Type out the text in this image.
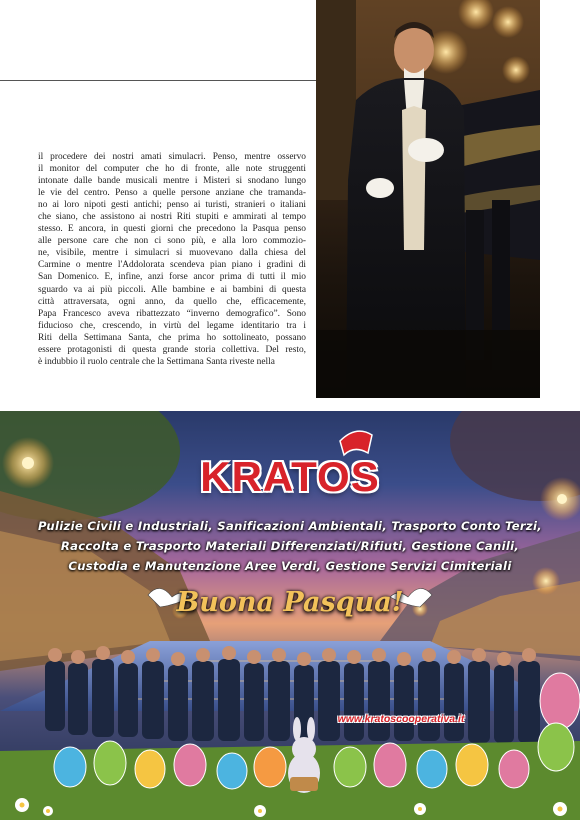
il procedere dei nostri amati simulacri. Penso, mentre osservo
il monitor del computer che ho di fronte, alle note struggenti
intonate dalle bande musicali mentre i Misteri si snodano lungo
le vie del centro. Penso a quelle persone anziane che tramanda-
no ai loro nipoti gesti antichi; penso ai turisti, stranieri o italiani
che siano, che assistono ai nostri Riti stupiti e ammirati al tempo
stesso. E ancora, in questi giorni che precedono la Pasqua penso
alle persone care che non ci sono più, e alla loro commozio-
ne, visibile, mentre i simulacri si muovevano dalla chiesa del
Carmine o mentre l'Addolorata scendeva pian piano i gradini di
San Domenico. E, infine, anzi forse ancor prima di tutti il mio
sguardo va ai più piccoli. Alle bambine e ai bambini di questa
città attraversata, ogni anno, da quello che, efficacemente,
Papa Francesco aveva ribattezzato “inverno demografico”. Sono
fiducioso che, crescendo, in virtù del legame identitario tra i
Riti della Settimana Santa, che prima ho sottolineato, possano
essere protagonisti di questa grande storia collettiva. Del resto,
è indubbio il ruolo centrale che la Settimana Santa riveste nella
KRATOS
Pulizie Civili e Industriali, Sanificazioni Ambientali, Trasporto Conto Terzi,
Raccolta e Trasporto Materiali Differenziati/Rifiuti, Gestione Canili,
Custodia e Manutenzione Aree Verdi, Gestione Servizi Cimiteriali
Buona Pasqua!
www.kratoscooperativa.it
